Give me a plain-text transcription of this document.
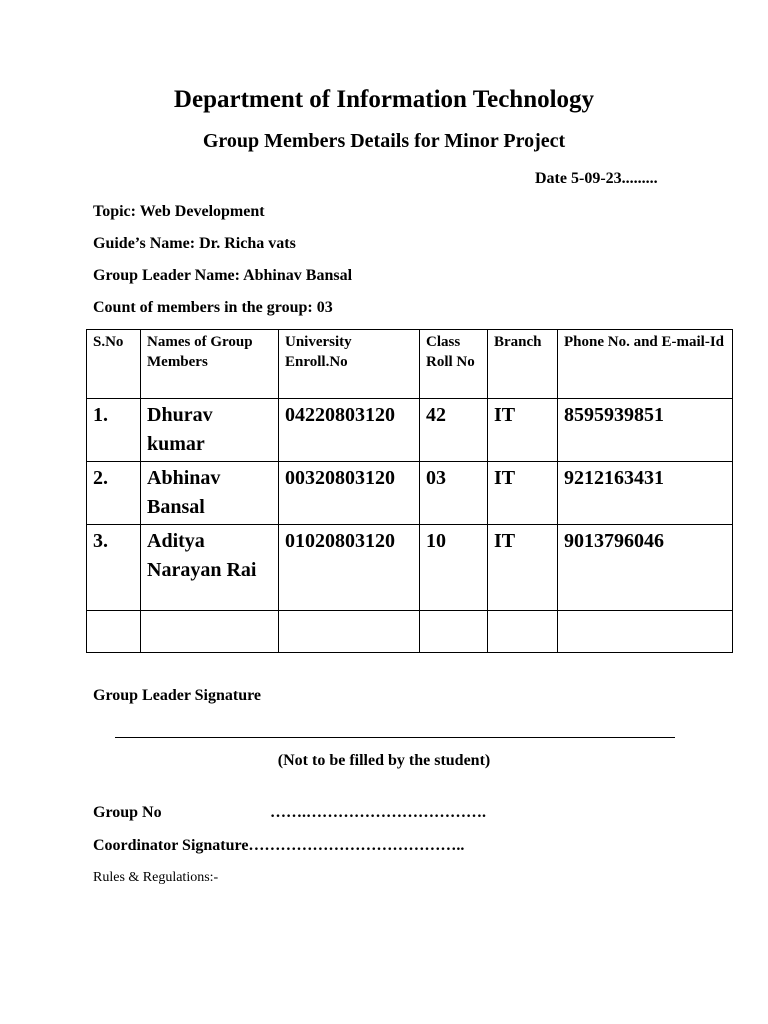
Department of Information Technology
Group Members Details for Minor Project
Date 5-09-23.........
Topic: Web Development
Guide’s Name: Dr. Richa vats
Group Leader Name: Abhinav Bansal
Count of members in the group: 03
S.No	Names of Group Members	University Enroll.No	Class Roll No	Branch	Phone No. and E-mail-Id
1.	Dhurav kumar	04220803120	42	IT	8595939851
2.	Abhinav Bansal	00320803120	03	IT	9212163431
3.	Aditya Narayan Rai	01020803120	10	IT	9013796046

Group Leader Signature
(Not to be filled by the student)
Group No	…….…………………………….
Coordinator Signature…………………………………..
Rules & Regulations:-
